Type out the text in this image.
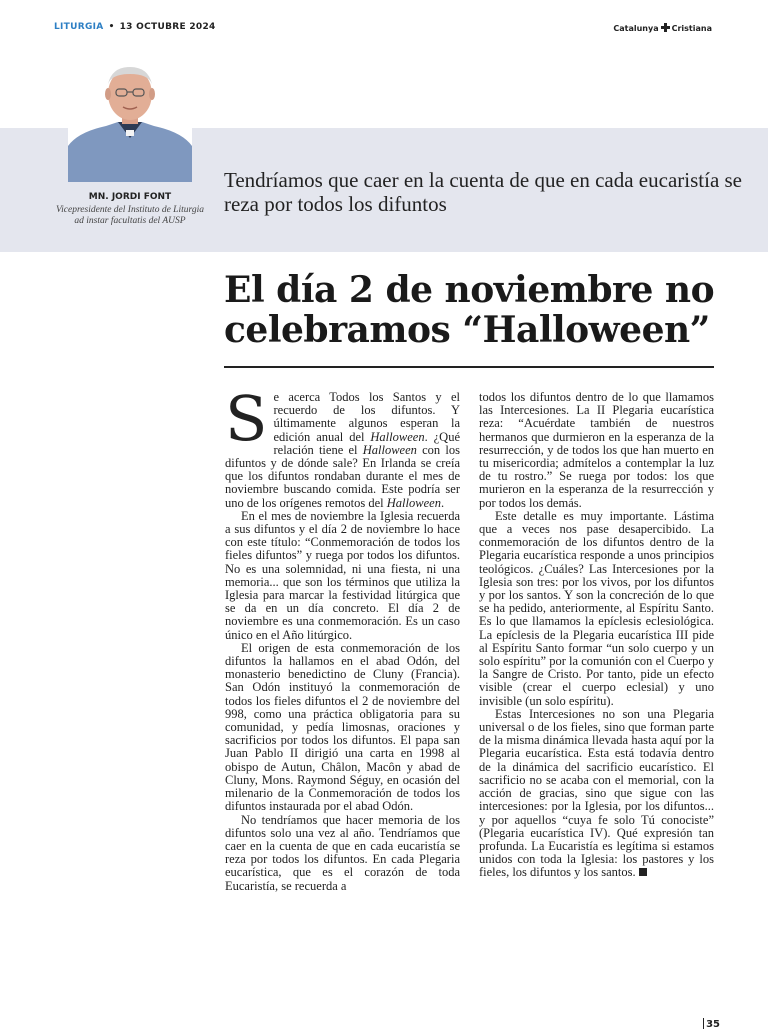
LITURGIA • 13 OCTUBRE 2024	Catalunya Cristiana
MN. JORDI FONT
Vicepresidente del Instituto de Liturgia
ad instar facultatis del AUSP
Tendríamos que caer en la cuenta de que en cada eucaristía se reza por todos los difuntos
El día 2 de noviembre no celebramos “Halloween”

Se acerca Todos los Santos y el recuerdo de los difuntos. Y últimamente algunos esperan la edición anual del Halloween. ¿Qué relación tiene el Halloween con los difuntos y de dónde sale? En Irlanda se creía que los difuntos rondaban durante el mes de noviembre buscando comida. Este podría ser uno de los orígenes remotos del Halloween.

En el mes de noviembre la Iglesia recuerda a sus difuntos y el día 2 de noviembre lo hace con este título: “Conmemoración de todos los fieles difuntos” y ruega por todos los difuntos. No es una solemnidad, ni una fiesta, ni una memoria... que son los términos que utiliza la Iglesia para marcar la festividad litúrgica que se da en un día concreto. El día 2 de noviembre es una conmemoración. Es un caso único en el Año litúrgico.

El origen de esta conmemoración de los difuntos la hallamos en el abad Odón, del monasterio benedictino de Cluny (Francia). San Odón instituyó la conmemoración de todos los fieles difuntos el 2 de noviembre del 998, como una práctica obligatoria para su comunidad, y pedía limosnas, oraciones y sacrificios por todos los difuntos. El papa san Juan Pablo II dirigió una carta en 1998 al obispo de Autun, Châlon, Macôn y abad de Cluny, Mons. Raymond Séguy, en ocasión del milenario de la Conmemoración de todos los difuntos instaurada por el abad Odón.

No tendríamos que hacer memoria de los difuntos solo una vez al año. Tendríamos que caer en la cuenta de que en cada eucaristía se reza por todos los difuntos. En cada Plegaria eucarística, que es el corazón de toda Eucaristía, se recuerda a

todos los difuntos dentro de lo que llamamos las Intercesiones. La II Plegaria eucarística reza: “Acuérdate también de nuestros hermanos que durmieron en la esperanza de la resurrección, y de todos los que han muerto en tu misericordia; admítelos a contemplar la luz de tu rostro.” Se ruega por todos: los que murieron en la esperanza de la resurrección y por todos los demás.

Este detalle es muy importante. Lástima que a veces nos pase desapercibido. La conmemoración de los difuntos dentro de la Plegaria eucarística responde a unos principios teológicos. ¿Cuáles? Las Intercesiones por la Iglesia son tres: por los vivos, por los difuntos y por los santos. Y son la concreción de lo que se ha pedido, anteriormente, al Espíritu Santo. Es lo que llamamos la epíclesis eclesiológica. La epíclesis de la Plegaria eucarística III pide al Espíritu Santo formar “un solo cuerpo y un solo espíritu” por la comunión con el Cuerpo y la Sangre de Cristo. Por tanto, pide un efecto visible (crear el cuerpo eclesial) y uno invisible (un solo espíritu).

Estas Intercesiones no son una Plegaria universal o de los fieles, sino que forman parte de la misma dinámica llevada hasta aquí por la Plegaria eucarística. Esta está todavía dentro de la dinámica del sacrificio eucarístico. El sacrificio no se acaba con el memorial, con la acción de gracias, sino que sigue con las intercesiones: por la Iglesia, por los difuntos... y por aquellos “cuya fe solo Tú conociste” (Plegaria eucarística IV). Qué expresión tan profunda. La Eucaristía es legítima si estamos unidos con toda la Iglesia: los pastores y los fieles, los difuntos y los santos.

35
